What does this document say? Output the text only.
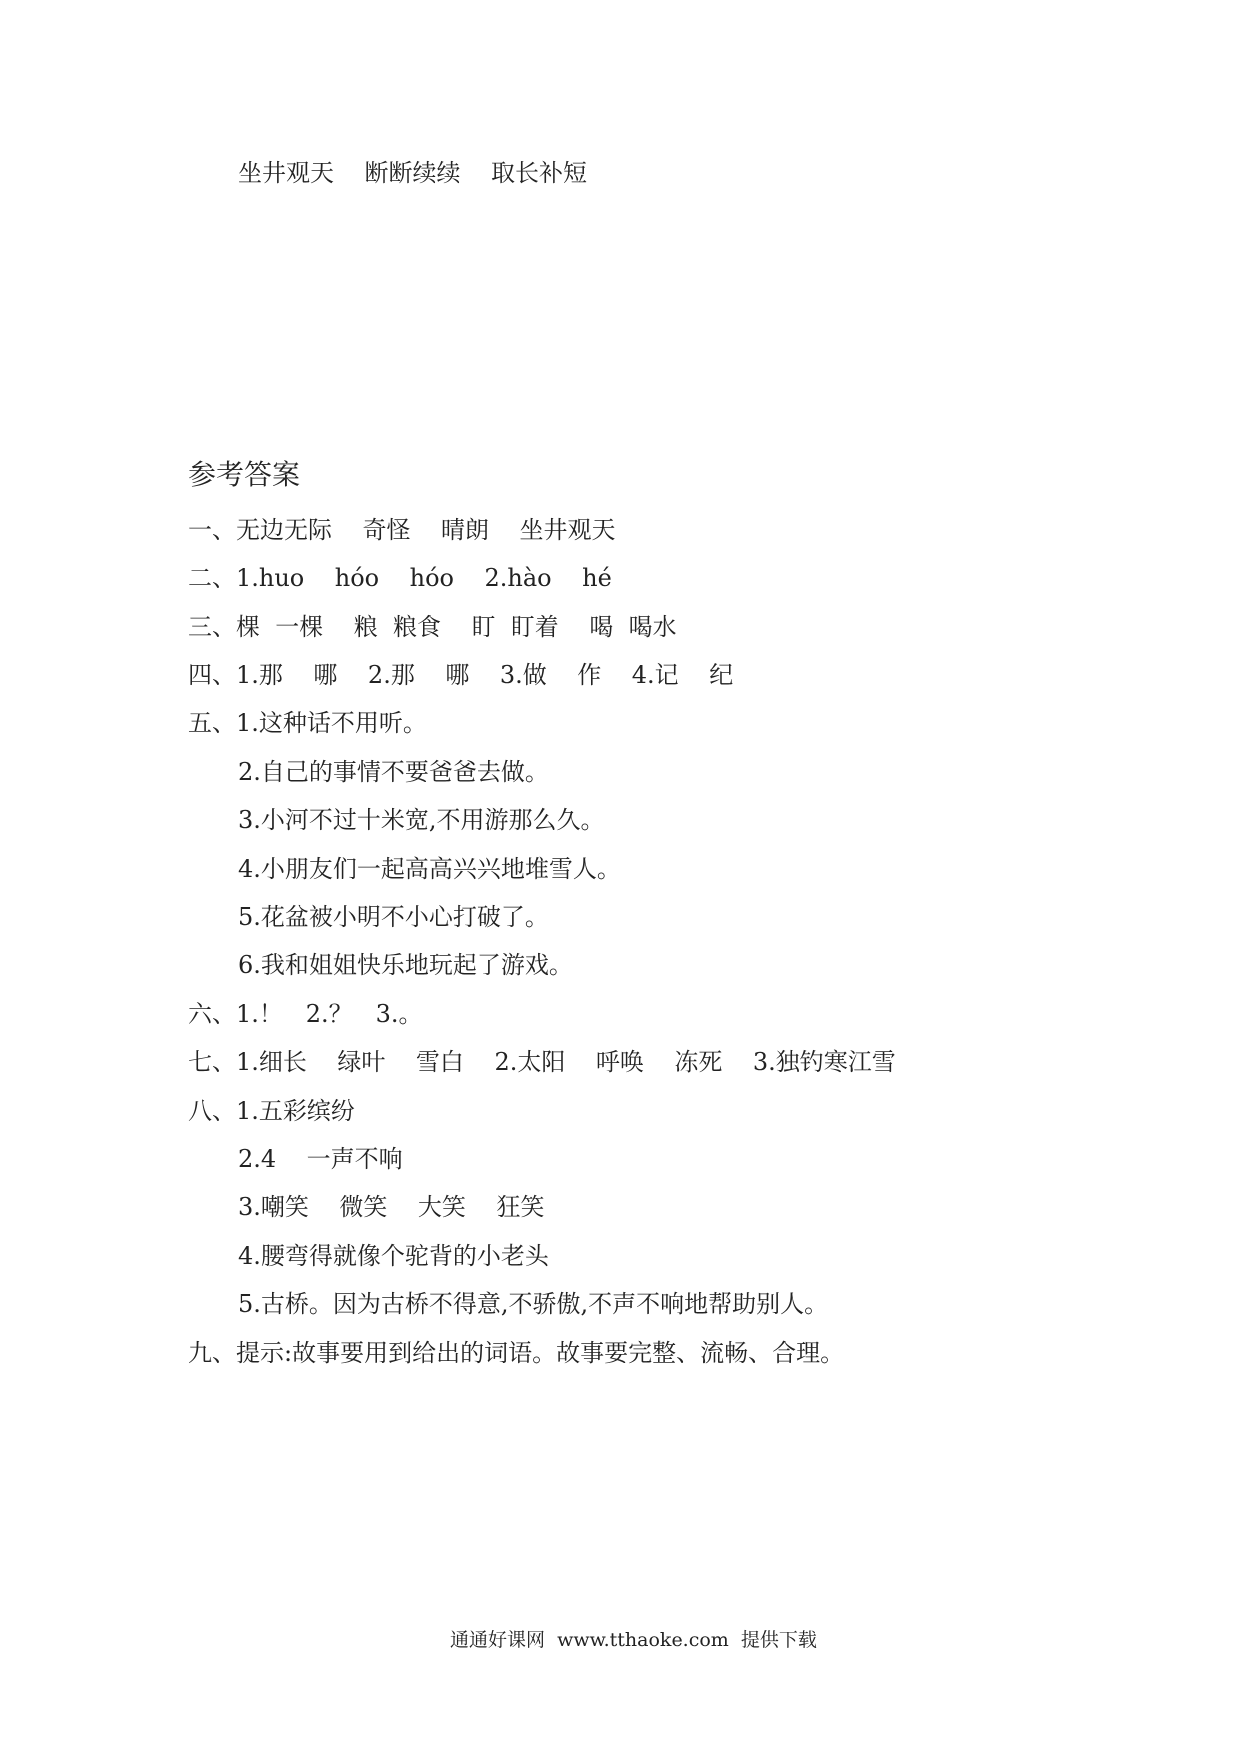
坐井观天    断断续续    取长补短
参考答案
一、无边无际    奇怪    晴朗    坐井观天
二、1.huo    hóo    hóo    2.hào    hé
三、棵  一棵    粮  粮食    盯  盯着    喝  喝水
四、1.那    哪    2.那    哪    3.做    作    4.记    纪
五、1.这种话不用听。
2.自己的事情不要爸爸去做。
3.小河不过十米宽,不用游那么久。
4.小朋友们一起高高兴兴地堆雪人。
5.花盆被小明不小心打破了。
6.我和姐姐快乐地玩起了游戏。
六、1.！   2.？   3.。
七、1.细长    绿叶    雪白    2.太阳    呼唤    冻死    3.独钓寒江雪
八、1.五彩缤纷
2.4    一声不响
3.嘲笑    微笑    大笑    狂笑
4.腰弯得就像个驼背的小老头
5.古桥。因为古桥不得意,不骄傲,不声不响地帮助别人。
九、提示:故事要用到给出的词语。故事要完整、流畅、合理。
通通好课网  www.tthaoke.com  提供下载
